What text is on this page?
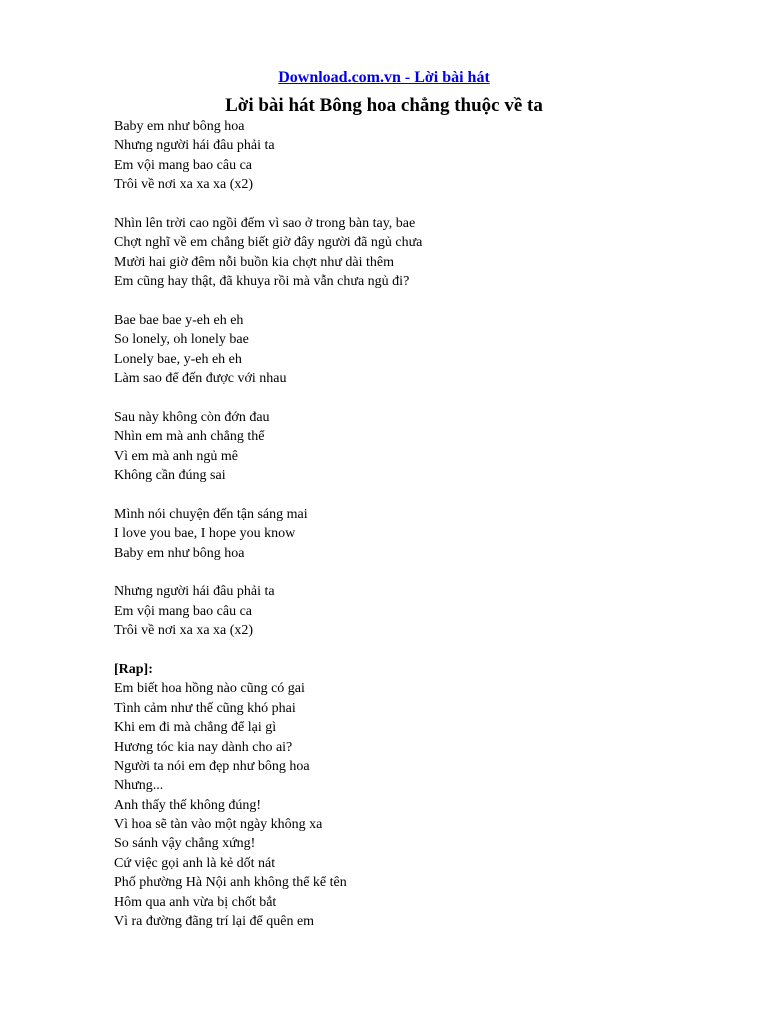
Download.com.vn - Lời bài hát
Lời bài hát Bông hoa chẳng thuộc về ta
Baby em như bông hoa
Nhưng người hái đâu phải ta
Em vội mang bao câu ca
Trôi về nơi xa xa xa (x2)
Nhìn lên trời cao ngồi đếm vì sao ở trong bàn tay, bae
Chợt nghĩ về em chẳng biết giờ đây người đã ngủ chưa
Mười hai giờ đêm nỗi buồn kia chợt như dài thêm
Em cũng hay thật, đã khuya rồi mà vẫn chưa ngủ đi?
Bae bae bae y-eh eh eh
So lonely, oh lonely bae
Lonely bae, y-eh eh eh
Làm sao để đến được với nhau
Sau này không còn đớn đau
Nhìn em mà anh chẳng thể
Vì em mà anh ngủ mê
Không cần đúng sai
Mình nói chuyện đến tận sáng mai
I love you bae, I hope you know
Baby em như bông hoa
Nhưng người hái đâu phải ta
Em vội mang bao câu ca
Trôi về nơi xa xa xa (x2)
[Rap]:
Em biết hoa hồng nào cũng có gai
Tình cảm như thế cũng khó phai
Khi em đi mà chẳng để lại gì
Hương tóc kia nay dành cho ai?
Người ta nói em đẹp như bông hoa
Nhưng...
Anh thấy thế không đúng!
Vì hoa sẽ tàn vào một ngày không xa
So sánh vậy chẳng xứng!
Cứ việc gọi anh là kẻ dốt nát
Phố phường Hà Nội anh không thể kể tên
Hôm qua anh vừa bị chốt bắt
Vì ra đường đãng trí lại để quên em
